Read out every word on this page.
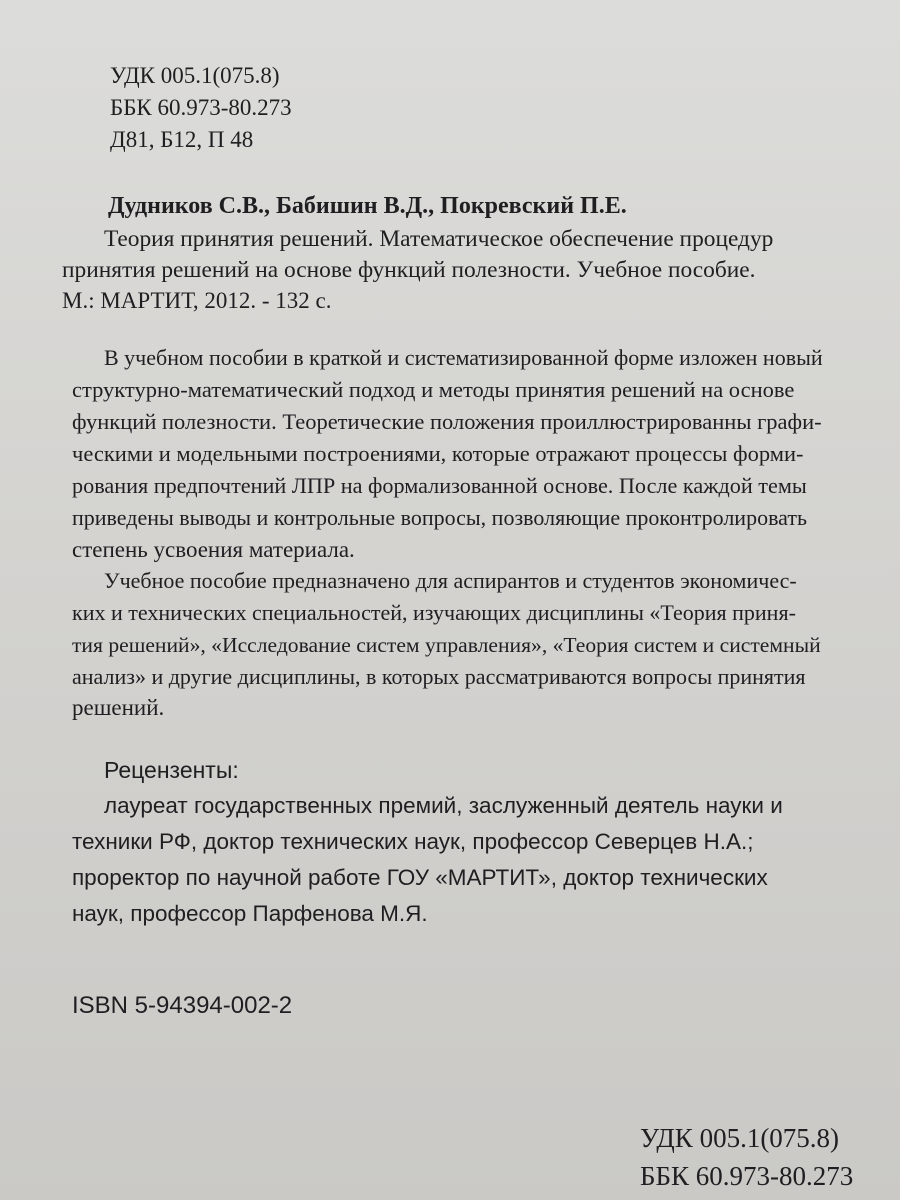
УДК 005.1(075.8)
ББК 60.973-80.273
Д81, Б12, П 48
Дудников С.В., Бабишин В.Д., Покревский П.Е.
Теория принятия решений. Математическое обеспечение процедур
принятия решений на основе функций полезности. Учебное пособие.
М.: МАРТИТ, 2012. - 132 с.
В учебном пособии в краткой и систематизированной форме изложен новый
структурно-математический подход и методы принятия решений на основе
функций полезности. Теоретические положения проиллюстрированны графи-
ческими и модельными построениями, которые отражают процессы форми-
рования предпочтений ЛПР на формализованной основе. После каждой темы
приведены выводы и контрольные вопросы, позволяющие проконтролировать
степень усвоения материала.
Учебное пособие предназначено для аспирантов и студентов экономичес-
ких и технических специальностей, изучающих дисциплины «Теория приня-
тия решений», «Исследование систем управления», «Теория систем и системный
анализ» и другие дисциплины, в которых рассматриваются вопросы принятия
решений.
Рецензенты:
лауреат государственных премий, заслуженный деятель науки и
техники РФ, доктор технических наук, профессор Северцев Н.А.;
проректор по научной работе ГОУ «МАРТИТ», доктор технических
наук, профессор Парфенова М.Я.
ISBN 5-94394-002-2
УДК 005.1(075.8)
ББК 60.973-80.273
